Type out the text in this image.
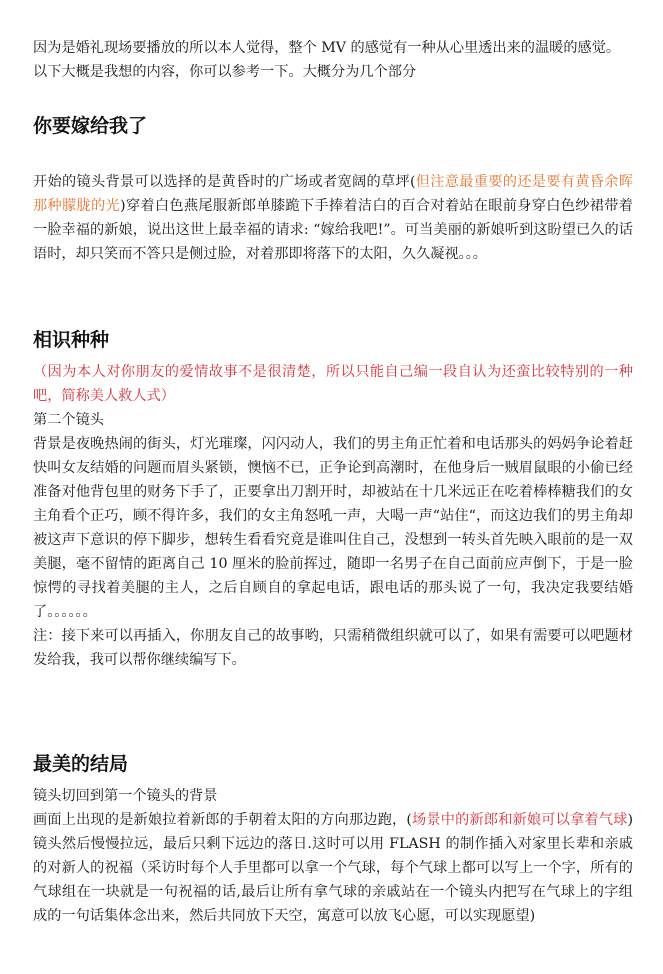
因为是婚礼现场要播放的所以本人觉得，整个 MV 的感觉有一种从心里透出来的温暖的感觉。

以下大概是我想的内容，你可以参考一下。大概分为几个部分

你要嫁给我了

开始的镜头背景可以选择的是黄昏时的广场或者宽阔的草坪(但注意最重要的还是要有黄昏余晖那种朦胧的光)穿着白色燕尾服新郎单膝跪下手捧着洁白的百合对着站在眼前身穿白色纱裙带着一脸幸福的新娘，说出这世上最幸福的请求: “嫁给我吧!”。可当美丽的新娘听到这盼望已久的话语时，却只笑而不答只是侧过脸，对着那即将落下的太阳，久久凝视。。。

相识种种

（因为本人对你朋友的爱情故事不是很清楚，所以只能自己编一段自认为还蛮比较特别的一种吧，简称美人救人式）

第二个镜头

背景是夜晚热闹的街头，灯光璀璨，闪闪动人，我们的男主角正忙着和电话那头的妈妈争论着赶快叫女友结婚的问题而眉头紧锁，懊恼不已，正争论到高潮时，在他身后一贼眉鼠眼的小偷已经准备对他背包里的财务下手了，正要拿出刀割开时，却被站在十几米远正在吃着棒棒糖我们的女主角看个正巧，顾不得许多，我们的女主角怒吼一声，大喝一声“站住“，而这边我们的男主角却被这声下意识的停下脚步，想转生看看究竟是谁叫住自己，没想到一转头首先映入眼前的是一双美腿，毫不留情的距离自己 10 厘米的脸前挥过，随即一名男子在自己面前应声倒下，于是一脸惊愕的寻找着美腿的主人，之后自顾自的拿起电话，跟电话的那头说了一句，我决定我要结婚了。。。。。。

注：接下来可以再插入，你朋友自己的故事哟，只需稍微组织就可以了，如果有需要可以吧题材发给我，我可以帮你继续编写下。

最美的结局

镜头切回到第一个镜头的背景

画面上出现的是新娘拉着新郎的手朝着太阳的方向那边跑，(场景中的新郎和新娘可以拿着气球)镜头然后慢慢拉远，最后只剩下远边的落日.这时可以用 FLASH 的制作插入对家里长辈和亲戚的对新人的祝福（采访时每个人手里都可以拿一个气球，每个气球上都可以写上一个字，所有的气球组在一块就是一句祝福的话,最后让所有拿气球的亲戚站在一个镜头内把写在气球上的字组成的一句话集体念出来，然后共同放下天空，寓意可以放飞心愿，可以实现愿望)
